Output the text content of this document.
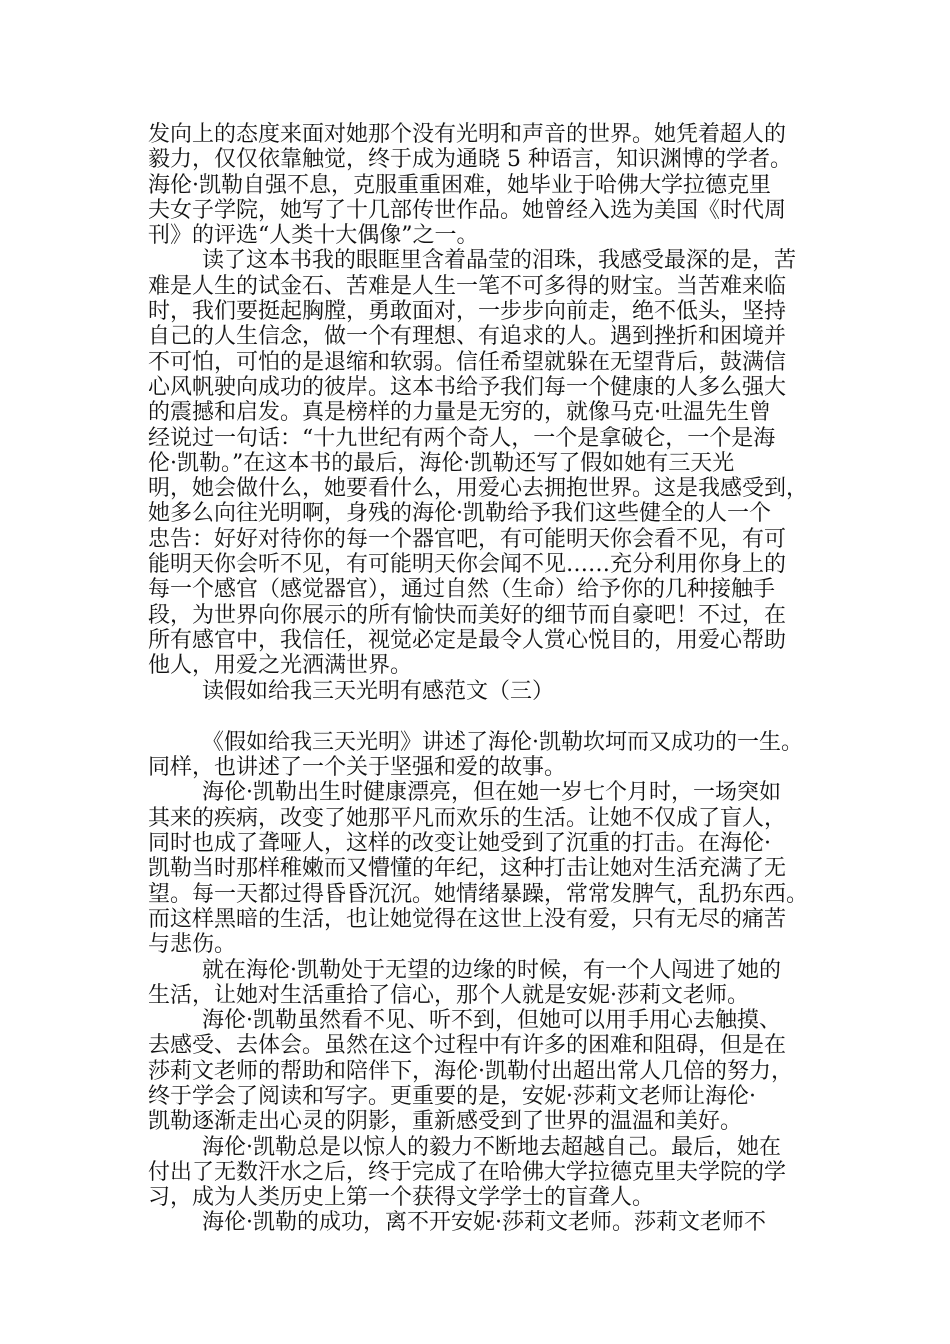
发向上的态度来面对她那个没有光明和声音的世界。她凭着超人的
毅力，仅仅依靠触觉，终于成为通晓 5 种语言，知识渊博的学者。
海伦·凯勒自强不息，克服重重困难，她毕业于哈佛大学拉德克里
夫女子学院，她写了十几部传世作品。她曾经入选为美国《时代周
刊》的评选“人类十大偶像”之一。
读了这本书我的眼眶里含着晶莹的泪珠，我感受最深的是，苦
难是人生的试金石、苦难是人生一笔不可多得的财宝。当苦难来临
时，我们要挺起胸膛，勇敢面对，一步步向前走，绝不低头，坚持
自己的人生信念，做一个有理想、有追求的人。遇到挫折和困境并
不可怕，可怕的是退缩和软弱。信任希望就躲在无望背后，鼓满信
心风帆驶向成功的彼岸。这本书给予我们每一个健康的人多么强大
的震撼和启发。真是榜样的力量是无穷的，就像马克·吐温先生曾
经说过一句话：“十九世纪有两个奇人，一个是拿破仑，一个是海
伦·凯勒。”在这本书的最后，海伦·凯勒还写了假如她有三天光
明，她会做什么，她要看什么，用爱心去拥抱世界。这是我感受到，
她多么向往光明啊，身残的海伦·凯勒给予我们这些健全的人一个
忠告：好好对待你的每一个器官吧，有可能明天你会看不见，有可
能明天你会听不见，有可能明天你会闻不见……充分利用你身上的
每一个感官（感觉器官），通过自然（生命）给予你的几种接触手
段，为世界向你展示的所有愉快而美好的细节而自豪吧！不过，在
所有感官中，我信任，视觉必定是最令人赏心悦目的，用爱心帮助
他人，用爱之光洒满世界。
读假如给我三天光明有感范文（三）
《假如给我三天光明》讲述了海伦·凯勒坎坷而又成功的一生。
同样，也讲述了一个关于坚强和爱的故事。
海伦·凯勒出生时健康漂亮，但在她一岁七个月时，一场突如
其来的疾病，改变了她那平凡而欢乐的生活。让她不仅成了盲人，
同时也成了聋哑人，这样的改变让她受到了沉重的打击。在海伦·
凯勒当时那样稚嫩而又懵懂的年纪，这种打击让她对生活充满了无
望。每一天都过得昏昏沉沉。她情绪暴躁，常常发脾气，乱扔东西。
而这样黑暗的生活，也让她觉得在这世上没有爱，只有无尽的痛苦
与悲伤。
就在海伦·凯勒处于无望的边缘的时候，有一个人闯进了她的
生活，让她对生活重拾了信心，那个人就是安妮·莎莉文老师。
海伦·凯勒虽然看不见、听不到，但她可以用手用心去触摸、
去感受、去体会。虽然在这个过程中有许多的困难和阻碍，但是在
莎莉文老师的帮助和陪伴下，海伦·凯勒付出超出常人几倍的努力，
终于学会了阅读和写字。更重要的是，安妮·莎莉文老师让海伦·
凯勒逐渐走出心灵的阴影，重新感受到了世界的温温和美好。
海伦·凯勒总是以惊人的毅力不断地去超越自己。最后，她在
付出了无数汗水之后，终于完成了在哈佛大学拉德克里夫学院的学
习，成为人类历史上第一个获得文学学士的盲聋人。
海伦·凯勒的成功，离不开安妮·莎莉文老师。莎莉文老师不
